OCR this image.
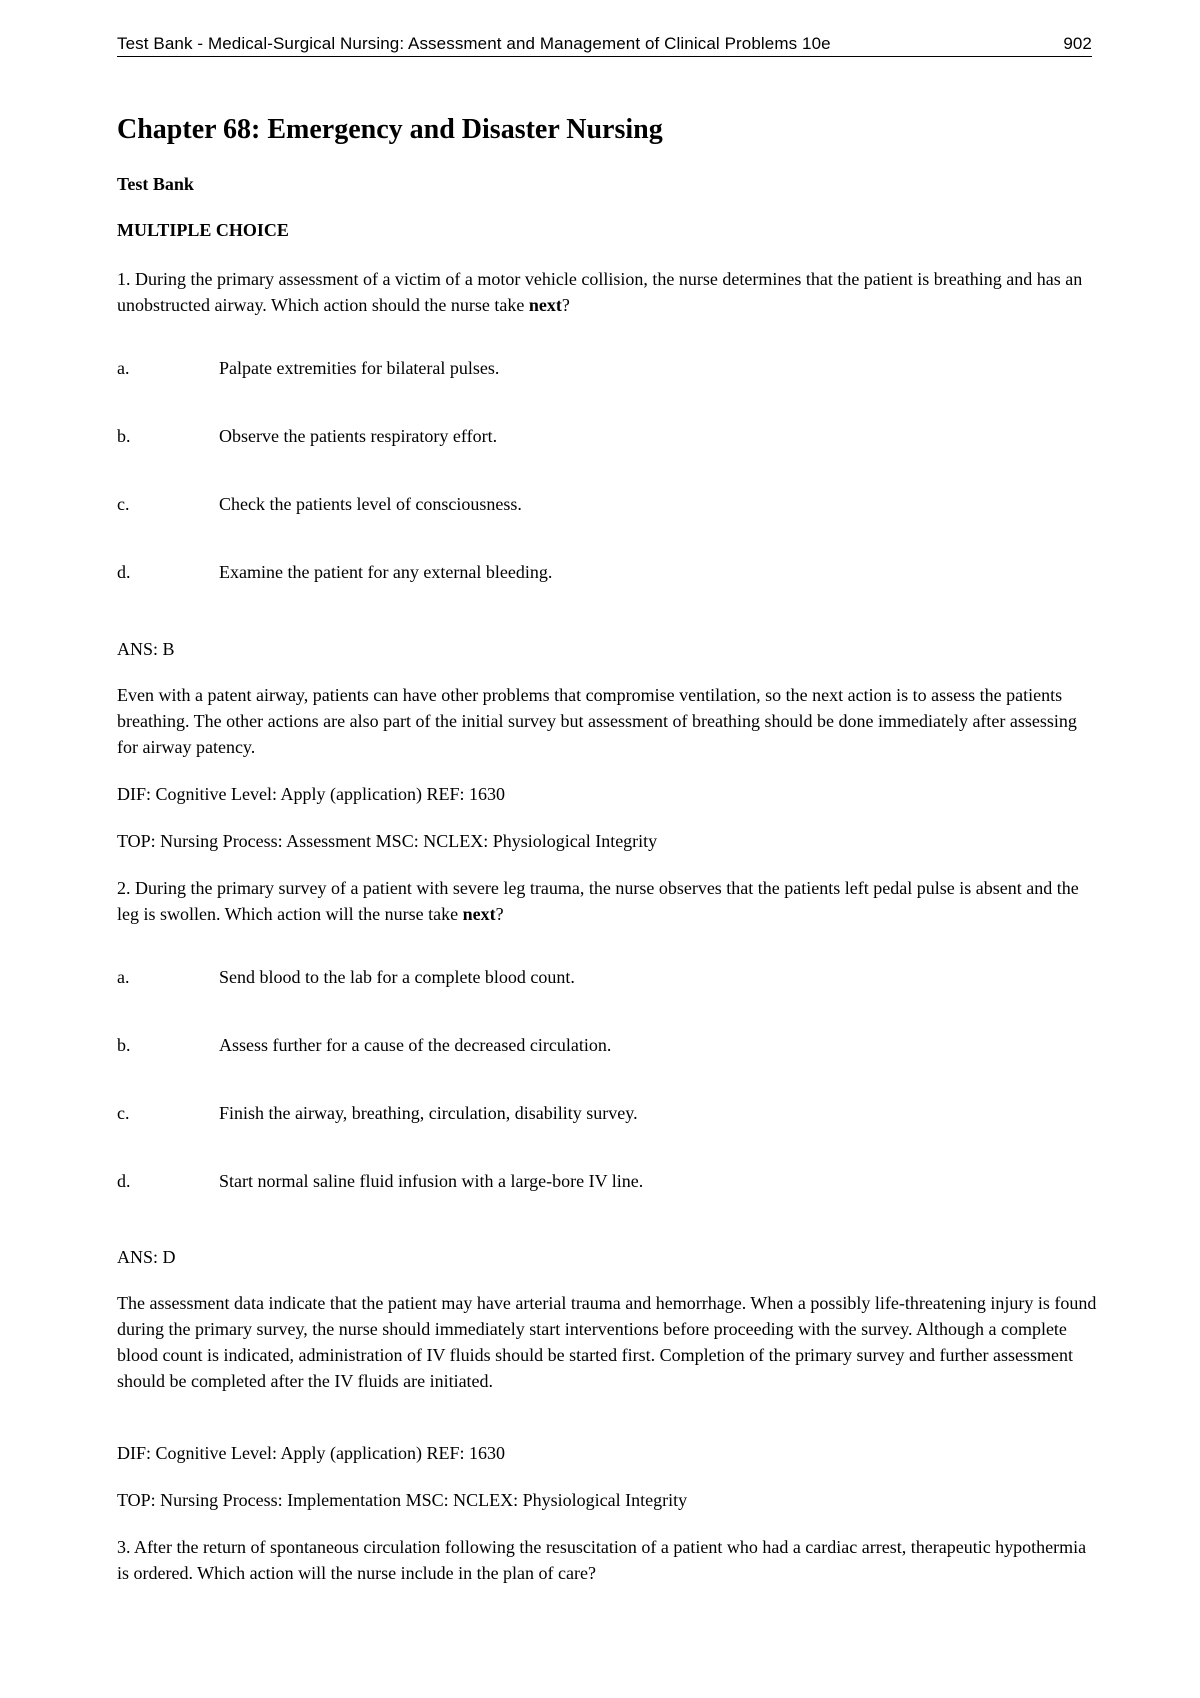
Test Bank - Medical-Surgical Nursing: Assessment and Management of Clinical Problems 10e	902
Chapter 68: Emergency and Disaster Nursing

Test Bank

MULTIPLE CHOICE

1. During the primary assessment of a victim of a motor vehicle collision, the nurse determines that the patient is breathing and has an unobstructed airway. Which action should the nurse take next?

a.	Palpate extremities for bilateral pulses.
b.	Observe the patients respiratory effort.
c.	Check the patients level of consciousness.
d.	Examine the patient for any external bleeding.

ANS: B

Even with a patent airway, patients can have other problems that compromise ventilation, so the next action is to assess the patients breathing. The other actions are also part of the initial survey but assessment of breathing should be done immediately after assessing for airway patency.

DIF: Cognitive Level: Apply (application) REF: 1630

TOP: Nursing Process: Assessment MSC: NCLEX: Physiological Integrity

2. During the primary survey of a patient with severe leg trauma, the nurse observes that the patients left pedal pulse is absent and the leg is swollen. Which action will the nurse take next?

a.	Send blood to the lab for a complete blood count.
b.	Assess further for a cause of the decreased circulation.
c.	Finish the airway, breathing, circulation, disability survey.
d.	Start normal saline fluid infusion with a large-bore IV line.

ANS: D

The assessment data indicate that the patient may have arterial trauma and hemorrhage. When a possibly life-threatening injury is found during the primary survey, the nurse should immediately start interventions before proceeding with the survey. Although a complete blood count is indicated, administration of IV fluids should be started first. Completion of the primary survey and further assessment should be completed after the IV fluids are initiated.

DIF: Cognitive Level: Apply (application) REF: 1630

TOP: Nursing Process: Implementation MSC: NCLEX: Physiological Integrity

3. After the return of spontaneous circulation following the resuscitation of a patient who had a cardiac arrest, therapeutic hypothermia is ordered. Which action will the nurse include in the plan of care?
